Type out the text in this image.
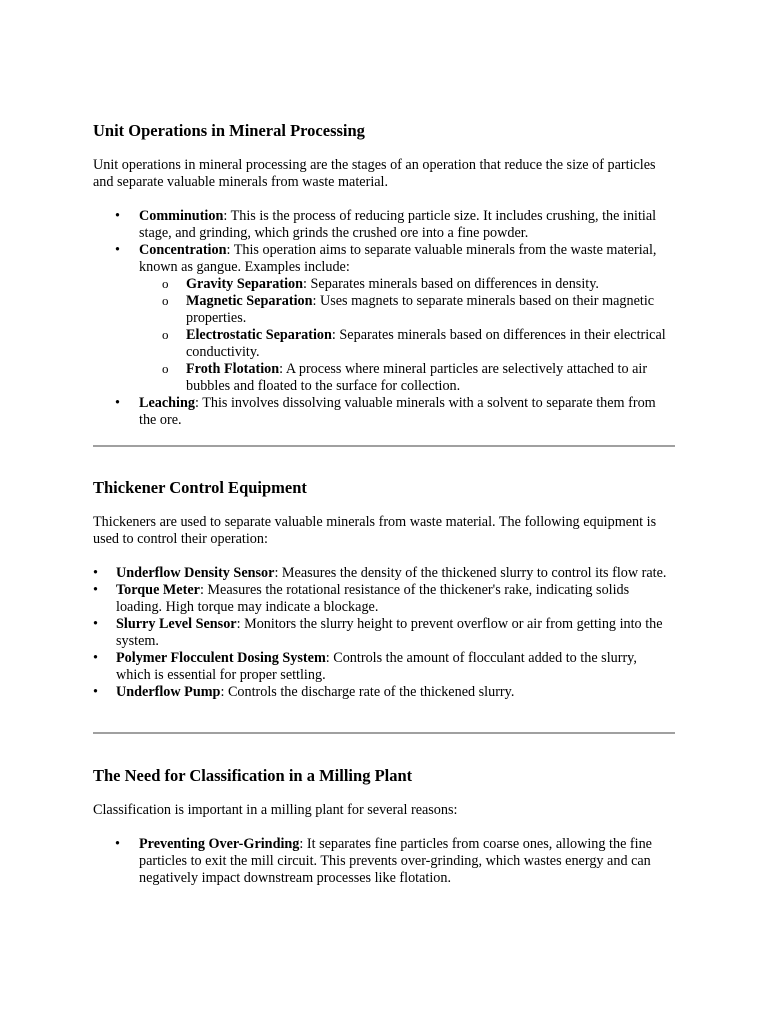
Unit Operations in Mineral Processing

Unit operations in mineral processing are the stages of an operation that reduce the size of particles and separate valuable minerals from waste material.

• Comminution: This is the process of reducing particle size. It includes crushing, the initial stage, and grinding, which grinds the crushed ore into a fine powder.
• Concentration: This operation aims to separate valuable minerals from the waste material, known as gangue. Examples include:
o Gravity Separation: Separates minerals based on differences in density.
o Magnetic Separation: Uses magnets to separate minerals based on their magnetic properties.
o Electrostatic Separation: Separates minerals based on differences in their electrical conductivity.
o Froth Flotation: A process where mineral particles are selectively attached to air bubbles and floated to the surface for collection.
• Leaching: This involves dissolving valuable minerals with a solvent to separate them from the ore.
Thickener Control Equipment

Thickeners are used to separate valuable minerals from waste material. The following equipment is used to control their operation:

• Underflow Density Sensor: Measures the density of the thickened slurry to control its flow rate.
• Torque Meter: Measures the rotational resistance of the thickener's rake, indicating solids loading. High torque may indicate a blockage.
• Slurry Level Sensor: Monitors the slurry height to prevent overflow or air from getting into the system.
• Polymer Flocculent Dosing System: Controls the amount of flocculant added to the slurry, which is essential for proper settling.
• Underflow Pump: Controls the discharge rate of the thickened slurry.
The Need for Classification in a Milling Plant

Classification is important in a milling plant for several reasons:

• Preventing Over-Grinding: It separates fine particles from coarse ones, allowing the fine particles to exit the mill circuit. This prevents over-grinding, which wastes energy and can negatively impact downstream processes like flotation.
